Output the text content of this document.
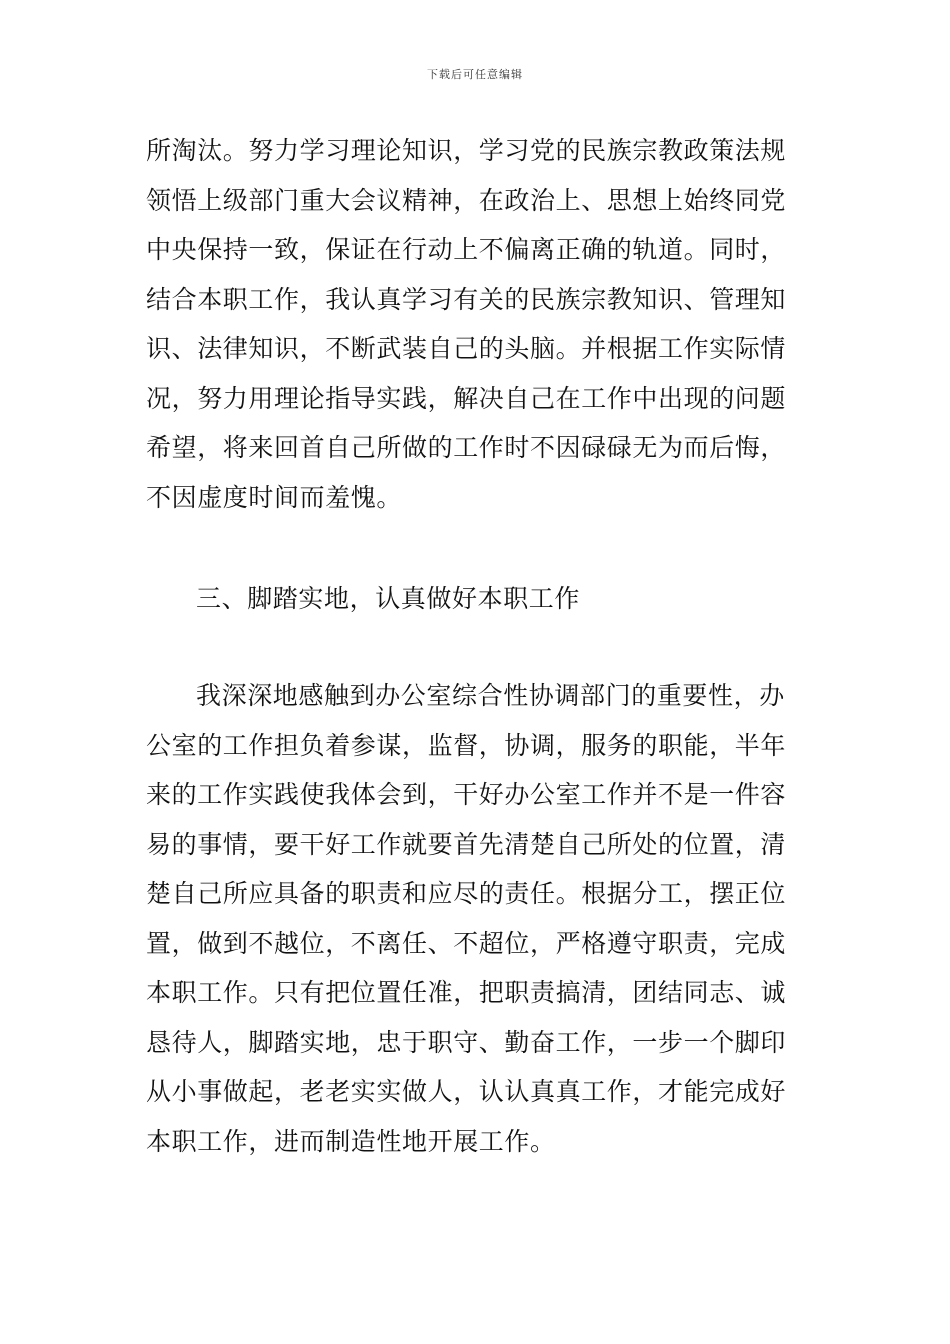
下载后可任意编辑
所淘汰。努力学习理论知识，学习党的民族宗教政策法规
领悟上级部门重大会议精神，在政治上、思想上始终同党
中央保持一致，保证在行动上不偏离正确的轨道。同时，
结合本职工作，我认真学习有关的民族宗教知识、管理知
识、法律知识，不断武装自己的头脑。并根据工作实际情
况，努力用理论指导实践，解决自己在工作中出现的问题
希望，将来回首自己所做的工作时不因碌碌无为而后悔，
不因虚度时间而羞愧。
三、脚踏实地，认真做好本职工作
我深深地感触到办公室综合性协调部门的重要性，办
公室的工作担负着参谋，监督，协调，服务的职能，半年
来的工作实践使我体会到，干好办公室工作并不是一件容
易的事情，要干好工作就要首先清楚自己所处的位置，清
楚自己所应具备的职责和应尽的责任。根据分工，摆正位
置，做到不越位，不离任、不超位，严格遵守职责，完成
本职工作。只有把位置任准，把职责搞清，团结同志、诚
恳待人，脚踏实地，忠于职守、勤奋工作，一步一个脚印
从小事做起，老老实实做人，认认真真工作，才能完成好
本职工作，进而制造性地开展工作。
